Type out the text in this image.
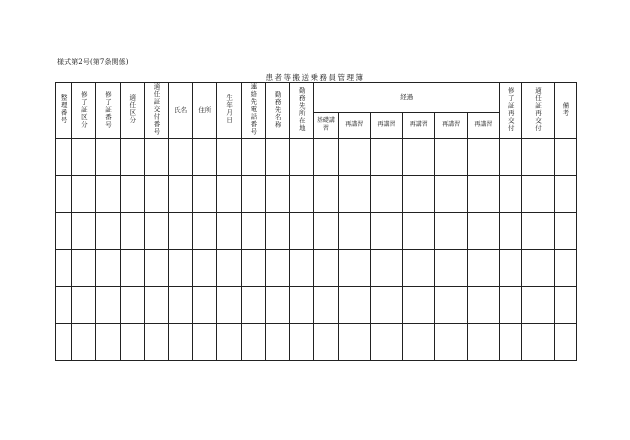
様式第2号(第7条関係)
患者等搬送乗務員管理簿
整理番号	修了証区分	修了証番号	適任区分	適任証交付番号	氏名	住所	生年月日	連絡先電話番号	勤務先名称	勤務先所在地	経過						修了証再交付	適任証再交付	備考
											基礎講習	再講習	再講習	再講習	再講習	再講習			
